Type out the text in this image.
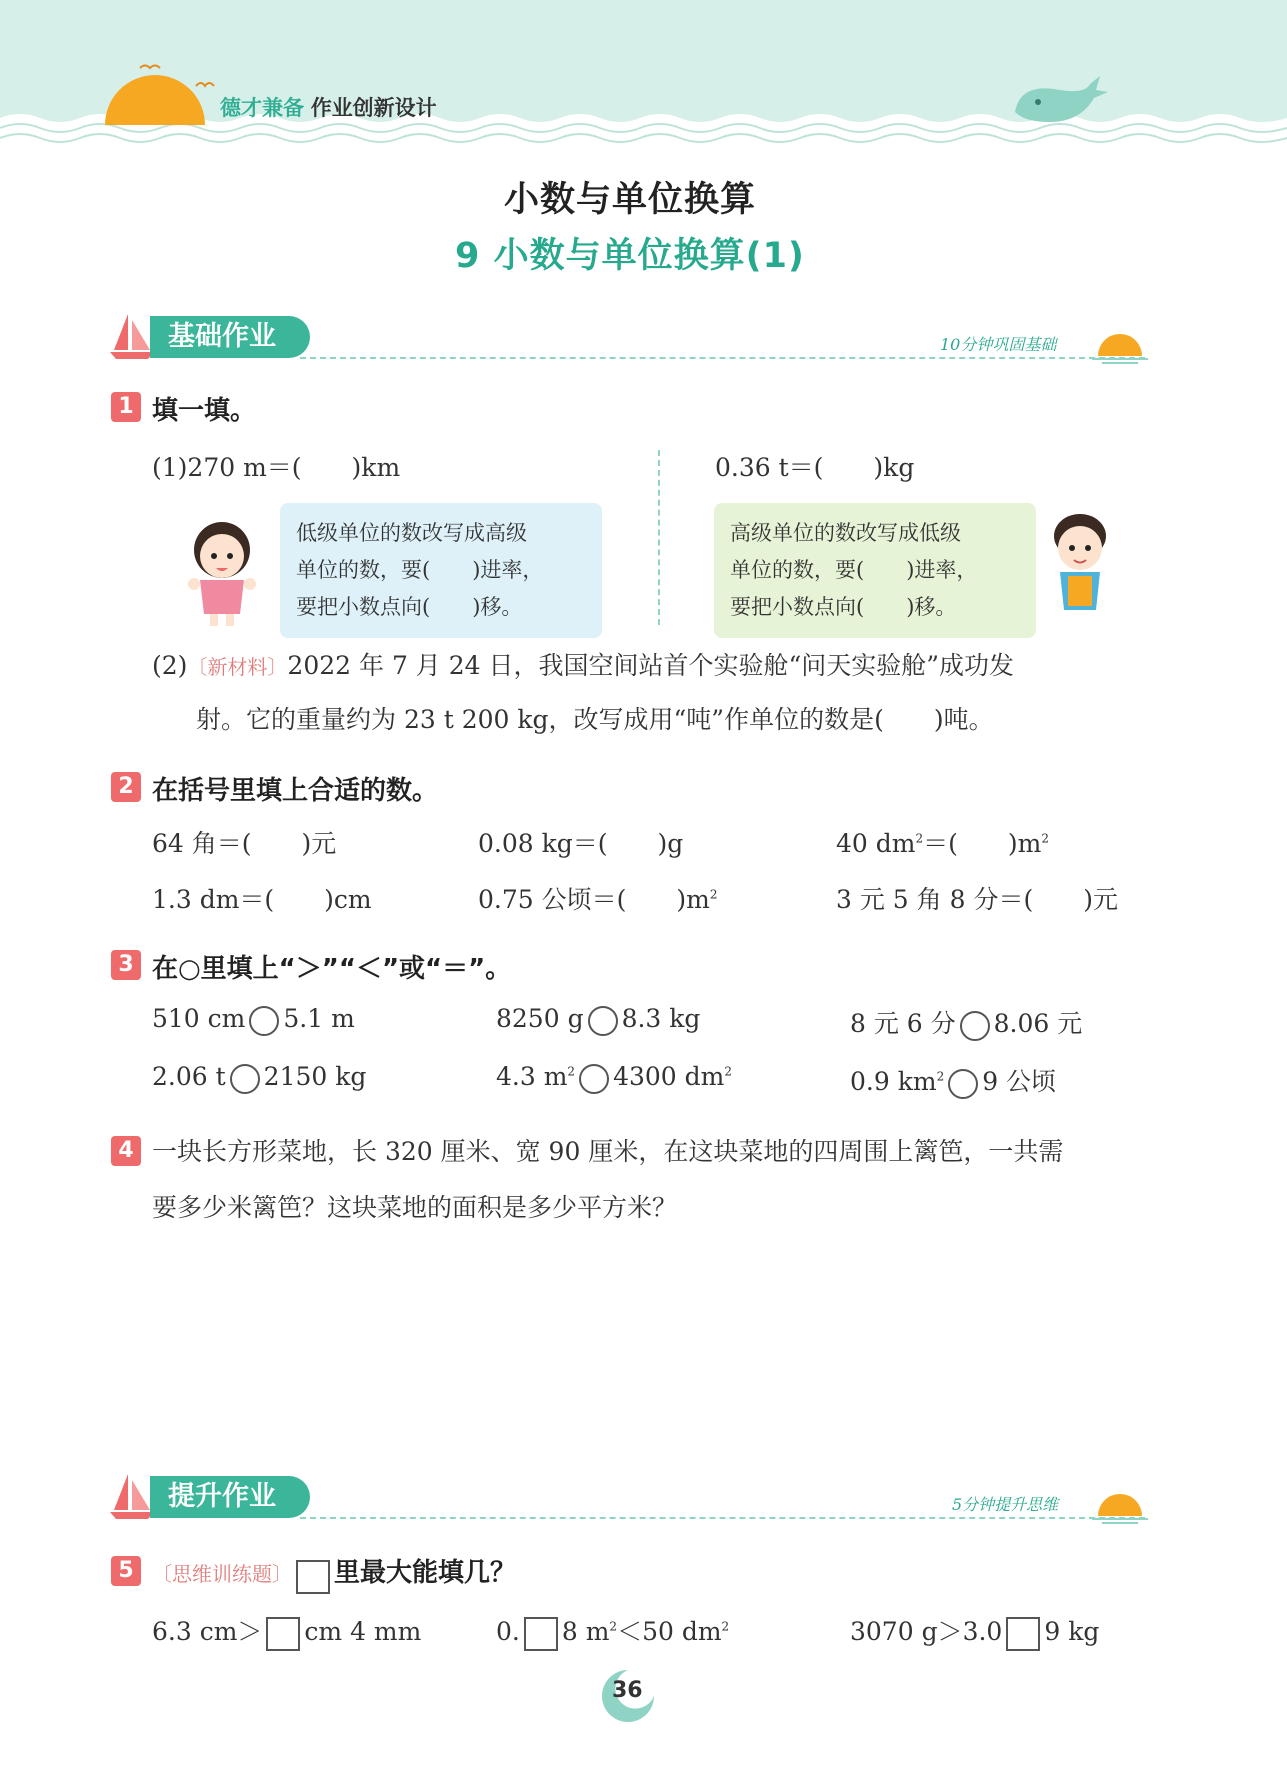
德才兼备 作业创新设计
小数与单位换算
9 小数与单位换算(1)
基础作业	10分钟巩固基础
1 填一填。
(1)270 m＝(　　)km	0.36 t＝(　　)kg
低级单位的数改写成高级
单位的数，要(　　)进率，
要把小数点向(　　)移。
高级单位的数改写成低级
单位的数，要(　　)进率，
要把小数点向(　　)移。
(2)〔新材料〕2022 年 7 月 24 日，我国空间站首个实验舱“问天实验舱”成功发
射。它的重量约为 23 t 200 kg，改写成用“吨”作单位的数是(　　)吨。
2 在括号里填上合适的数。
64 角＝(　　)元	0.08 kg＝(　　)g	40 $dm^2=$(　　)$m^2$
1.3 dm＝(　　)cm	0.75 公顷＝(　　)$m^2$	3 元 5 角 8 分＝(　　)元
3 在○里填上“＞”“＜”或“＝”。
510 cm 5.1 m	8250 g 8.3 kg	8 元 6 分 8.06 元
2.06 t 2150 kg	4.3 $m^2$ 4300 $dm^2$	0.9 $km^2$ 9 公顷
4 一块长方形菜地，长 320 厘米、宽 90 厘米，在这块菜地的四周围上篱笆，一共需
要多少米篱笆？这块菜地的面积是多少平方米？
提升作业	5分钟提升思维
5 〔思维训练题〕 里最大能填几？
6.3 cm＞ cm 4 mm	0. 8 $m^2<50$ $dm^2$	3070 g＞3.0 9 kg
36
